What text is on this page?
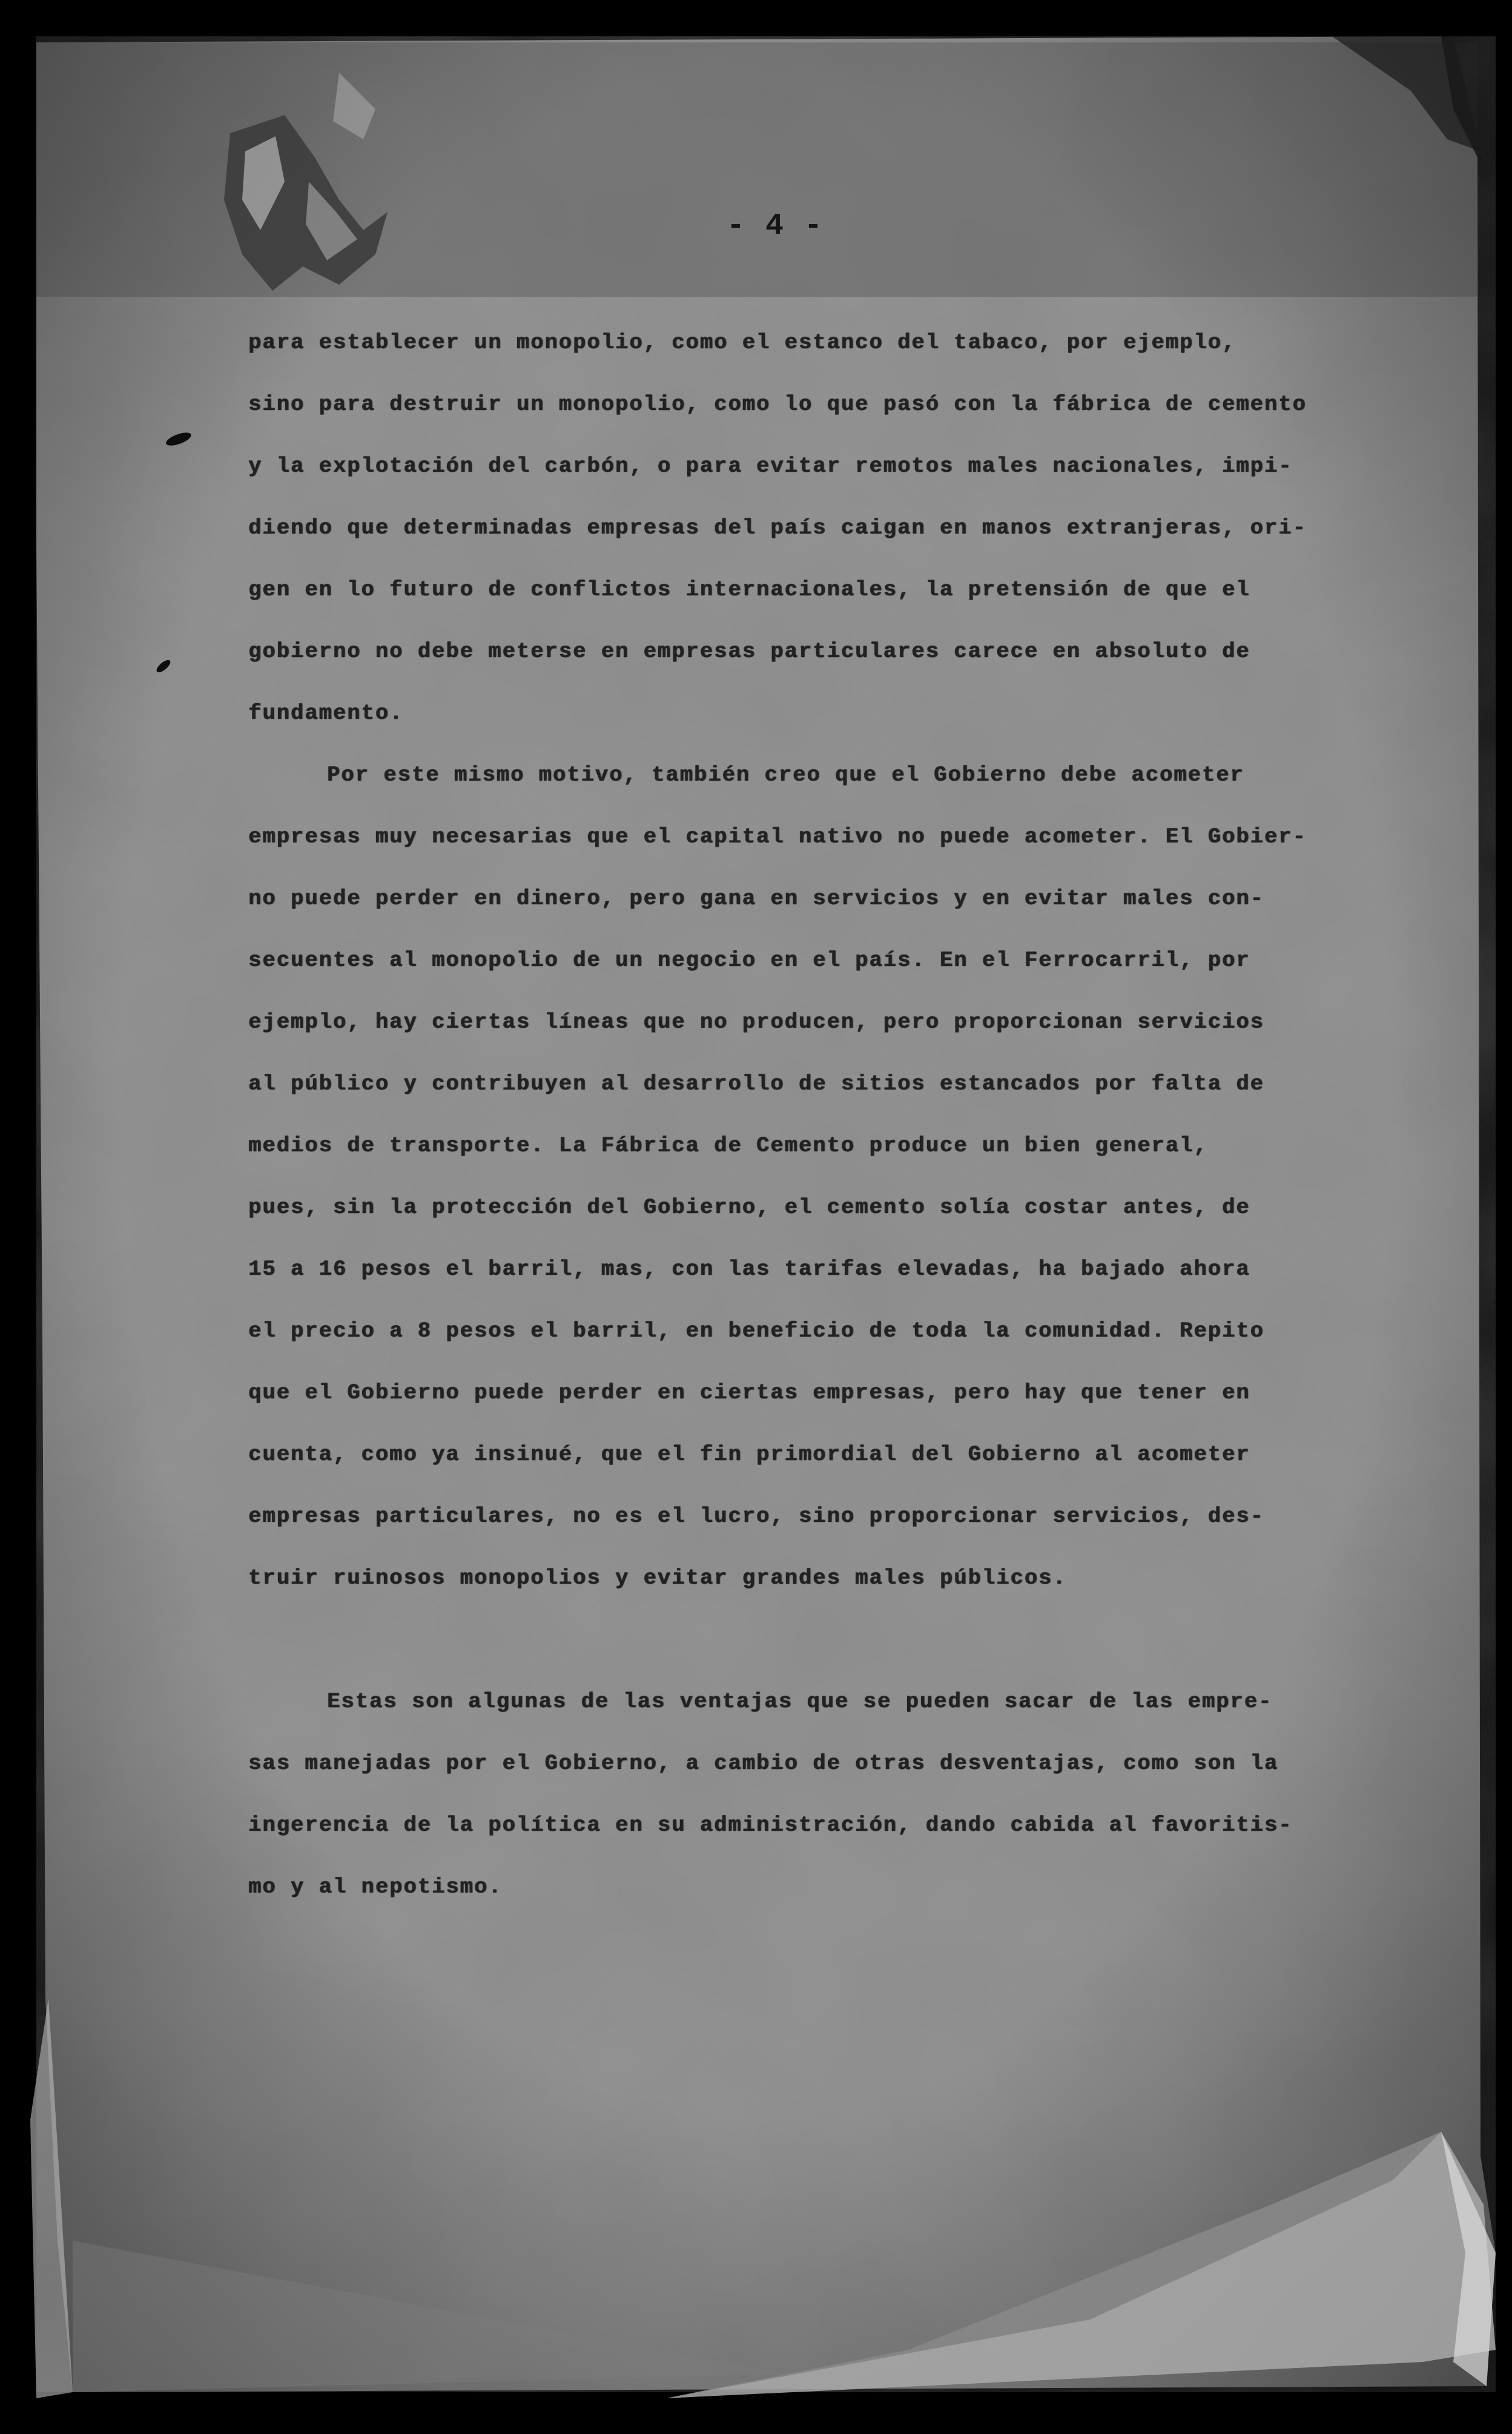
- 4 -
para establecer un monopolio, como el estanco del tabaco, por ejemplo,
sino para destruir un monopolio, como lo que pasó con la fábrica de cemento
y la explotación del carbón, o para evitar remotos males nacionales, impi-
diendo que determinadas empresas del país caigan en manos extranjeras, ori-
gen en lo futuro de conflictos internacionales, la pretensión de que el
gobierno no debe meterse en empresas particulares carece en absoluto de
fundamento.
Por este mismo motivo, también creo que el Gobierno debe acometer
empresas muy necesarias que el capital nativo no puede acometer. El Gobier-
no puede perder en dinero, pero gana en servicios y en evitar males con-
secuentes al monopolio de un negocio en el país. En el Ferrocarril, por
ejemplo, hay ciertas líneas que no producen, pero proporcionan servicios
al público y contribuyen al desarrollo de sitios estancados por falta de
medios de transporte. La Fábrica de Cemento produce un bien general,
pues, sin la protección del Gobierno, el cemento solía costar antes, de
15 a 16 pesos el barril, mas, con las tarifas elevadas, ha bajado ahora
el precio a 8 pesos el barril, en beneficio de toda la comunidad. Repito
que el Gobierno puede perder en ciertas empresas, pero hay que tener en
cuenta, como ya insinué, que el fin primordial del Gobierno al acometer
empresas particulares, no es el lucro, sino proporcionar servicios, des-
truir ruinosos monopolios y evitar grandes males públicos.
Estas son algunas de las ventajas que se pueden sacar de las empre-
sas manejadas por el Gobierno, a cambio de otras desventajas, como son la
ingerencia de la política en su administración, dando cabida al favoritis-
mo y al nepotismo.
